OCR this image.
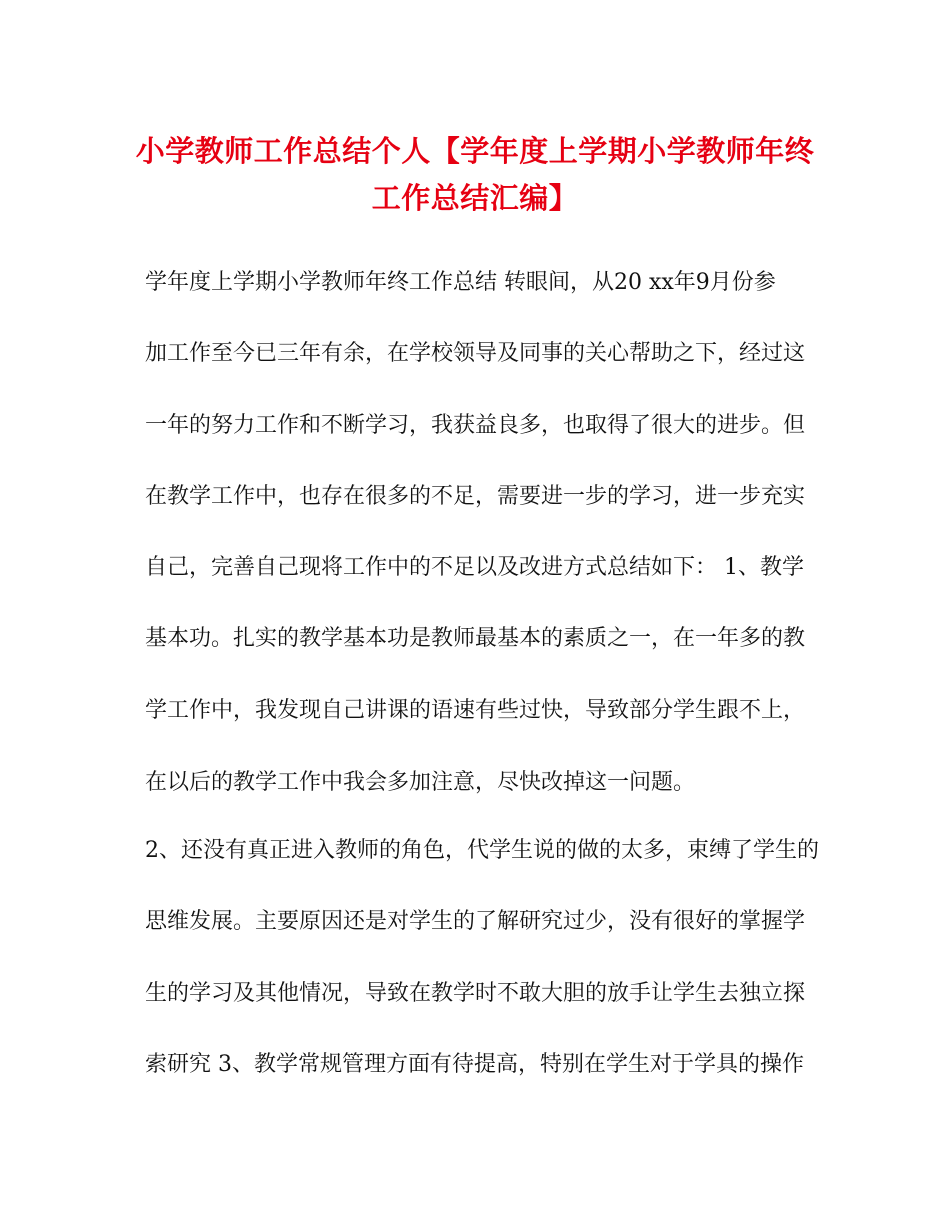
小学教师工作总结个人【学年度上学期小学教师年终
工作总结汇编】

学年度上学期小学教师年终工作总结 转眼间，从20 xx年9月份参

加工作至今已三年有余，在学校领导及同事的关心帮助之下，经过这

一年的努力工作和不断学习，我获益良多，也取得了很大的进步。但

在教学工作中，也存在很多的不足，需要进一步的学习，进一步充实

自己，完善自己现将工作中的不足以及改进方式总结如下： 1、教学

基本功。扎实的教学基本功是教师最基本的素质之一，在一年多的教

学工作中，我发现自己讲课的语速有些过快，导致部分学生跟不上，

在以后的教学工作中我会多加注意，尽快改掉这一问题。

2、还没有真正进入教师的角色，代学生说的做的太多，束缚了学生的

思维发展。主要原因还是对学生的了解研究过少，没有很好的掌握学

生的学习及其他情况，导致在教学时不敢大胆的放手让学生去独立探

索研究 3、教学常规管理方面有待提高，特别在学生对于学具的操作
